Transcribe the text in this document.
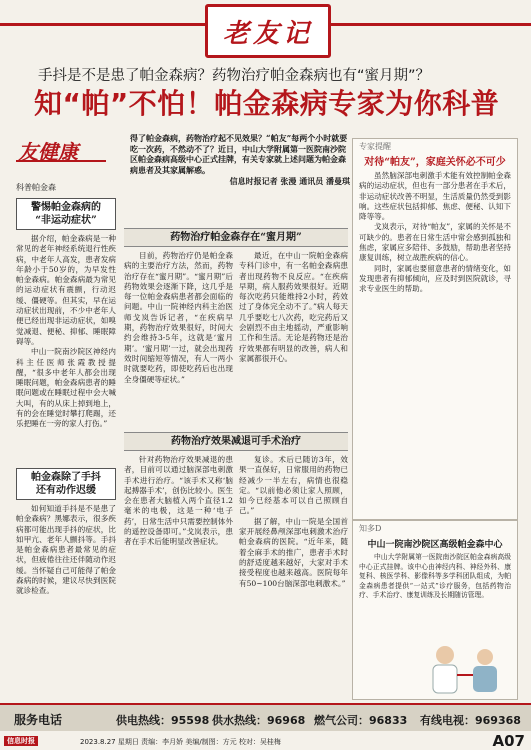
老友记
手抖是不是患了帕金森病？药物治疗帕金森病也有“蜜月期”？
知“帕”不怕！帕金森病专家为你科普
友健康
科普帕金森
得了帕金森病，药物治疗起不见效果？“帕友”每两个小时就要吃一次药，不然动不了？近日，中山大学附属第一医院南沙院区帕金森病高级中心正式挂牌，有关专家就上述问题为帕金森病患者及其家属解惑。
信息时报记者 张漫 通讯员 潘曼琪
警惕帕金森病的
“非运动症状”

据介绍，帕金森病是一种常见的老年神经系统退行性疾病，中老年人高发，患者发病年龄小于50岁的，为早发性帕金森病。帕金森病最为常见的运动症状有震颤，行动迟缓、僵硬等。但其实，早在运动症状出现前，不少中老年人便已经出现非运动症状，如嗅觉减退、便秘、抑郁、睡眠障碍等。

中山一院南沙院区神经内科主任医师张霞教授提醒，“很多中老年人都会出现睡眠问题，帕金森病患者的睡眠问题或在睡眠过程中会大喊大叫，有的从床上掉到地上，有的会在睡觉时攀打爬踢，还乐把睡在一旁的家人打伤。”

帕金森除了手抖
还有动作迟缓

如何知道手抖是不是患了帕金森病？黑娜表示，很多疾病都可能出现手抖的症状，比如甲亢、老年人颤抖等。手抖是帕金森病患者最常见的症状，但疲倦往往还伴随动作迟缓。当怀疑自己可能得了帕金森病的时候，建议尽快到医院就诊检查。

药物治疗帕金森存在“蜜月期”

目前，药物治疗仍是帕金森病的主要治疗方法，然而，药物治疗存在“蜜月期”。“蜜月期”后药物效果会逐渐下降，这几乎是每一位帕金森病患者都会面临的问题。中山一院神经内科主治医师戈岚告诉记者，“在疾病早期，药物治疗效果很好，时间大约会维持3-5年，这就是‘蜜月期’。‘蜜月期’一过，就会出现药效时间缩短等情况，有人一两小时就要吃药，即使吃药后也出现全身僵硬等症状。”

最近，在中山一院帕金森病专科门诊中，有一名帕金森病患者出现药物不良反应。“在疾病早期，病人服药效果很好。近期每次吃药只能维持2小时，药效过了身体完全动不了。”病人每天几乎要吃七八次药，吃完药后又会剧烈不由主地摇动，严重影响工作和生活。无论是药物还是治疗效果都有明显的改善，病人和家属都很开心。

药物治疗效果减退可手术治疗

针对药物治疗效果减退的患者，目前可以通过脑深部电刺激手术进行治疗。“该手术又称‘脑起搏器手术’，创伤比较小。医生会在患者大脑植入两个直径1.2毫米的电极，这是一种‘电子药’，日常生活中只需要控制体外的遥控设备即可。”戈岚表示，患者在手术后能明显改善症状。

复诊。术后已随访3年，效果一直保好，日常服用的药物已经减少一半左右，病情也很稳定。“以前他必须让家人照顾，如今已经基本可以自己照顾自己。”

据了解，中山一院是全国首家开展经鼻颅深部电刺激术治疗帕金森病的医院。“近年来，随着全麻手术的推广，患者手术时的舒适度越来越好，大家对手术接受程度也越来越高。医院每年有50~100台脑深部电刺激术。”

专家提醒
对待“帕友”，家庭关怀必不可少

虽然脑深部电刺激手术能有效控制帕金森病的运动症状，但也有一部分患者在手术后，非运动症状改善不明显，生活质量仍然受到影响。这些症状包括抑郁、焦虑、便秘、认知下降等等。

戈岚表示，对待“帕友”，家属的关怀是不可缺少的。患者在日常生活中常会感到孤独和焦虑，家属应多陪伴、多鼓励，帮助患者坚持康复训练，树立战胜疾病的信心。

同时，家属也要留意患者的情绪变化，如发现患者有抑郁倾向，应及时到医院就诊，寻求专业医生的帮助。

知多D
中山一院南沙院区高级帕金森中心
中山大学附属第一医院南沙院区帕金森病高级中心正式挂牌。该中心由神经内科、神经外科、康复科、核医学科、影像科等多学科团队组成，为帕金森病患者提供“一站式”诊疗服务，包括药物治疗、手术治疗、康复训练及长期随访管理。
服务电话	供电热线：95598 供水热线：96968 燃气公司：96833 有线电视：969368
信息时报	2023.8.27 星期日 责编：李月娇 美编/制图：方元 校对：吴桂梅	A07
